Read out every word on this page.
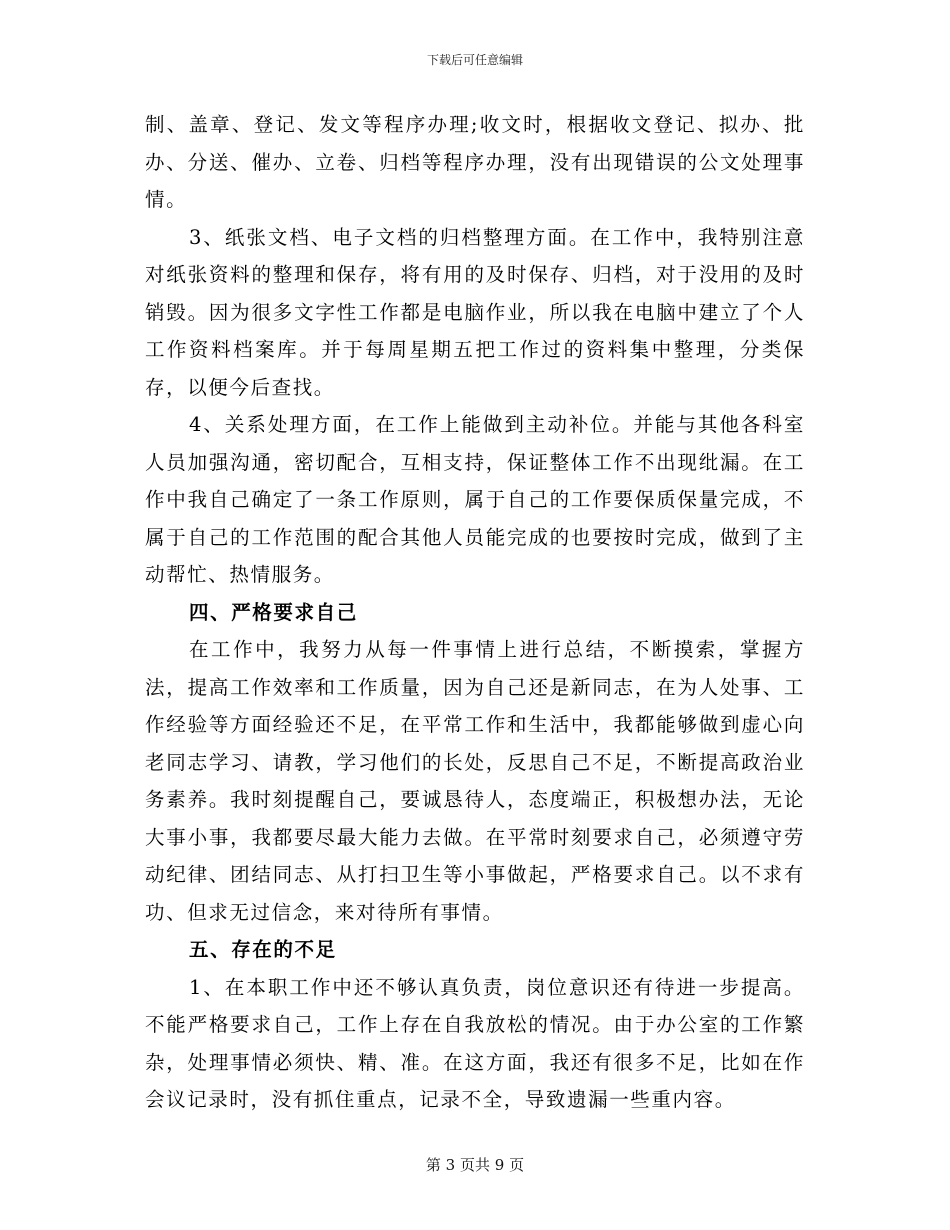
下载后可任意编辑

制、盖章、登记、发文等程序办理;收文时，根据收文登记、拟办、批办、分送、催办、立卷、归档等程序办理，没有出现错误的公文处理事情。

3、纸张文档、电子文档的归档整理方面。在工作中，我特别注意对纸张资料的整理和保存，将有用的及时保存、归档，对于没用的及时销毁。因为很多文字性工作都是电脑作业，所以我在电脑中建立了个人工作资料档案库。并于每周星期五把工作过的资料集中整理，分类保存，以便今后查找。

4、关系处理方面，在工作上能做到主动补位。并能与其他各科室人员加强沟通，密切配合，互相支持，保证整体工作不出现纰漏。在工作中我自己确定了一条工作原则，属于自己的工作要保质保量完成，不属于自己的工作范围的配合其他人员能完成的也要按时完成，做到了主动帮忙、热情服务。

四、严格要求自己

在工作中，我努力从每一件事情上进行总结，不断摸索，掌握方法，提高工作效率和工作质量，因为自己还是新同志，在为人处事、工作经验等方面经验还不足，在平常工作和生活中，我都能够做到虚心向老同志学习、请教，学习他们的长处，反思自己不足，不断提高政治业务素养。我时刻提醒自己，要诚恳待人，态度端正，积极想办法，无论大事小事，我都要尽最大能力去做。在平常时刻要求自己，必须遵守劳动纪律、团结同志、从打扫卫生等小事做起，严格要求自己。以不求有功、但求无过信念，来对待所有事情。

五、存在的不足

1、在本职工作中还不够认真负责，岗位意识还有待进一步提高。不能严格要求自己，工作上存在自我放松的情况。由于办公室的工作繁杂，处理事情必须快、精、准。在这方面，我还有很多不足，比如在作会议记录时，没有抓住重点，记录不全，导致遗漏一些重内容。

第 3 页共 9 页
